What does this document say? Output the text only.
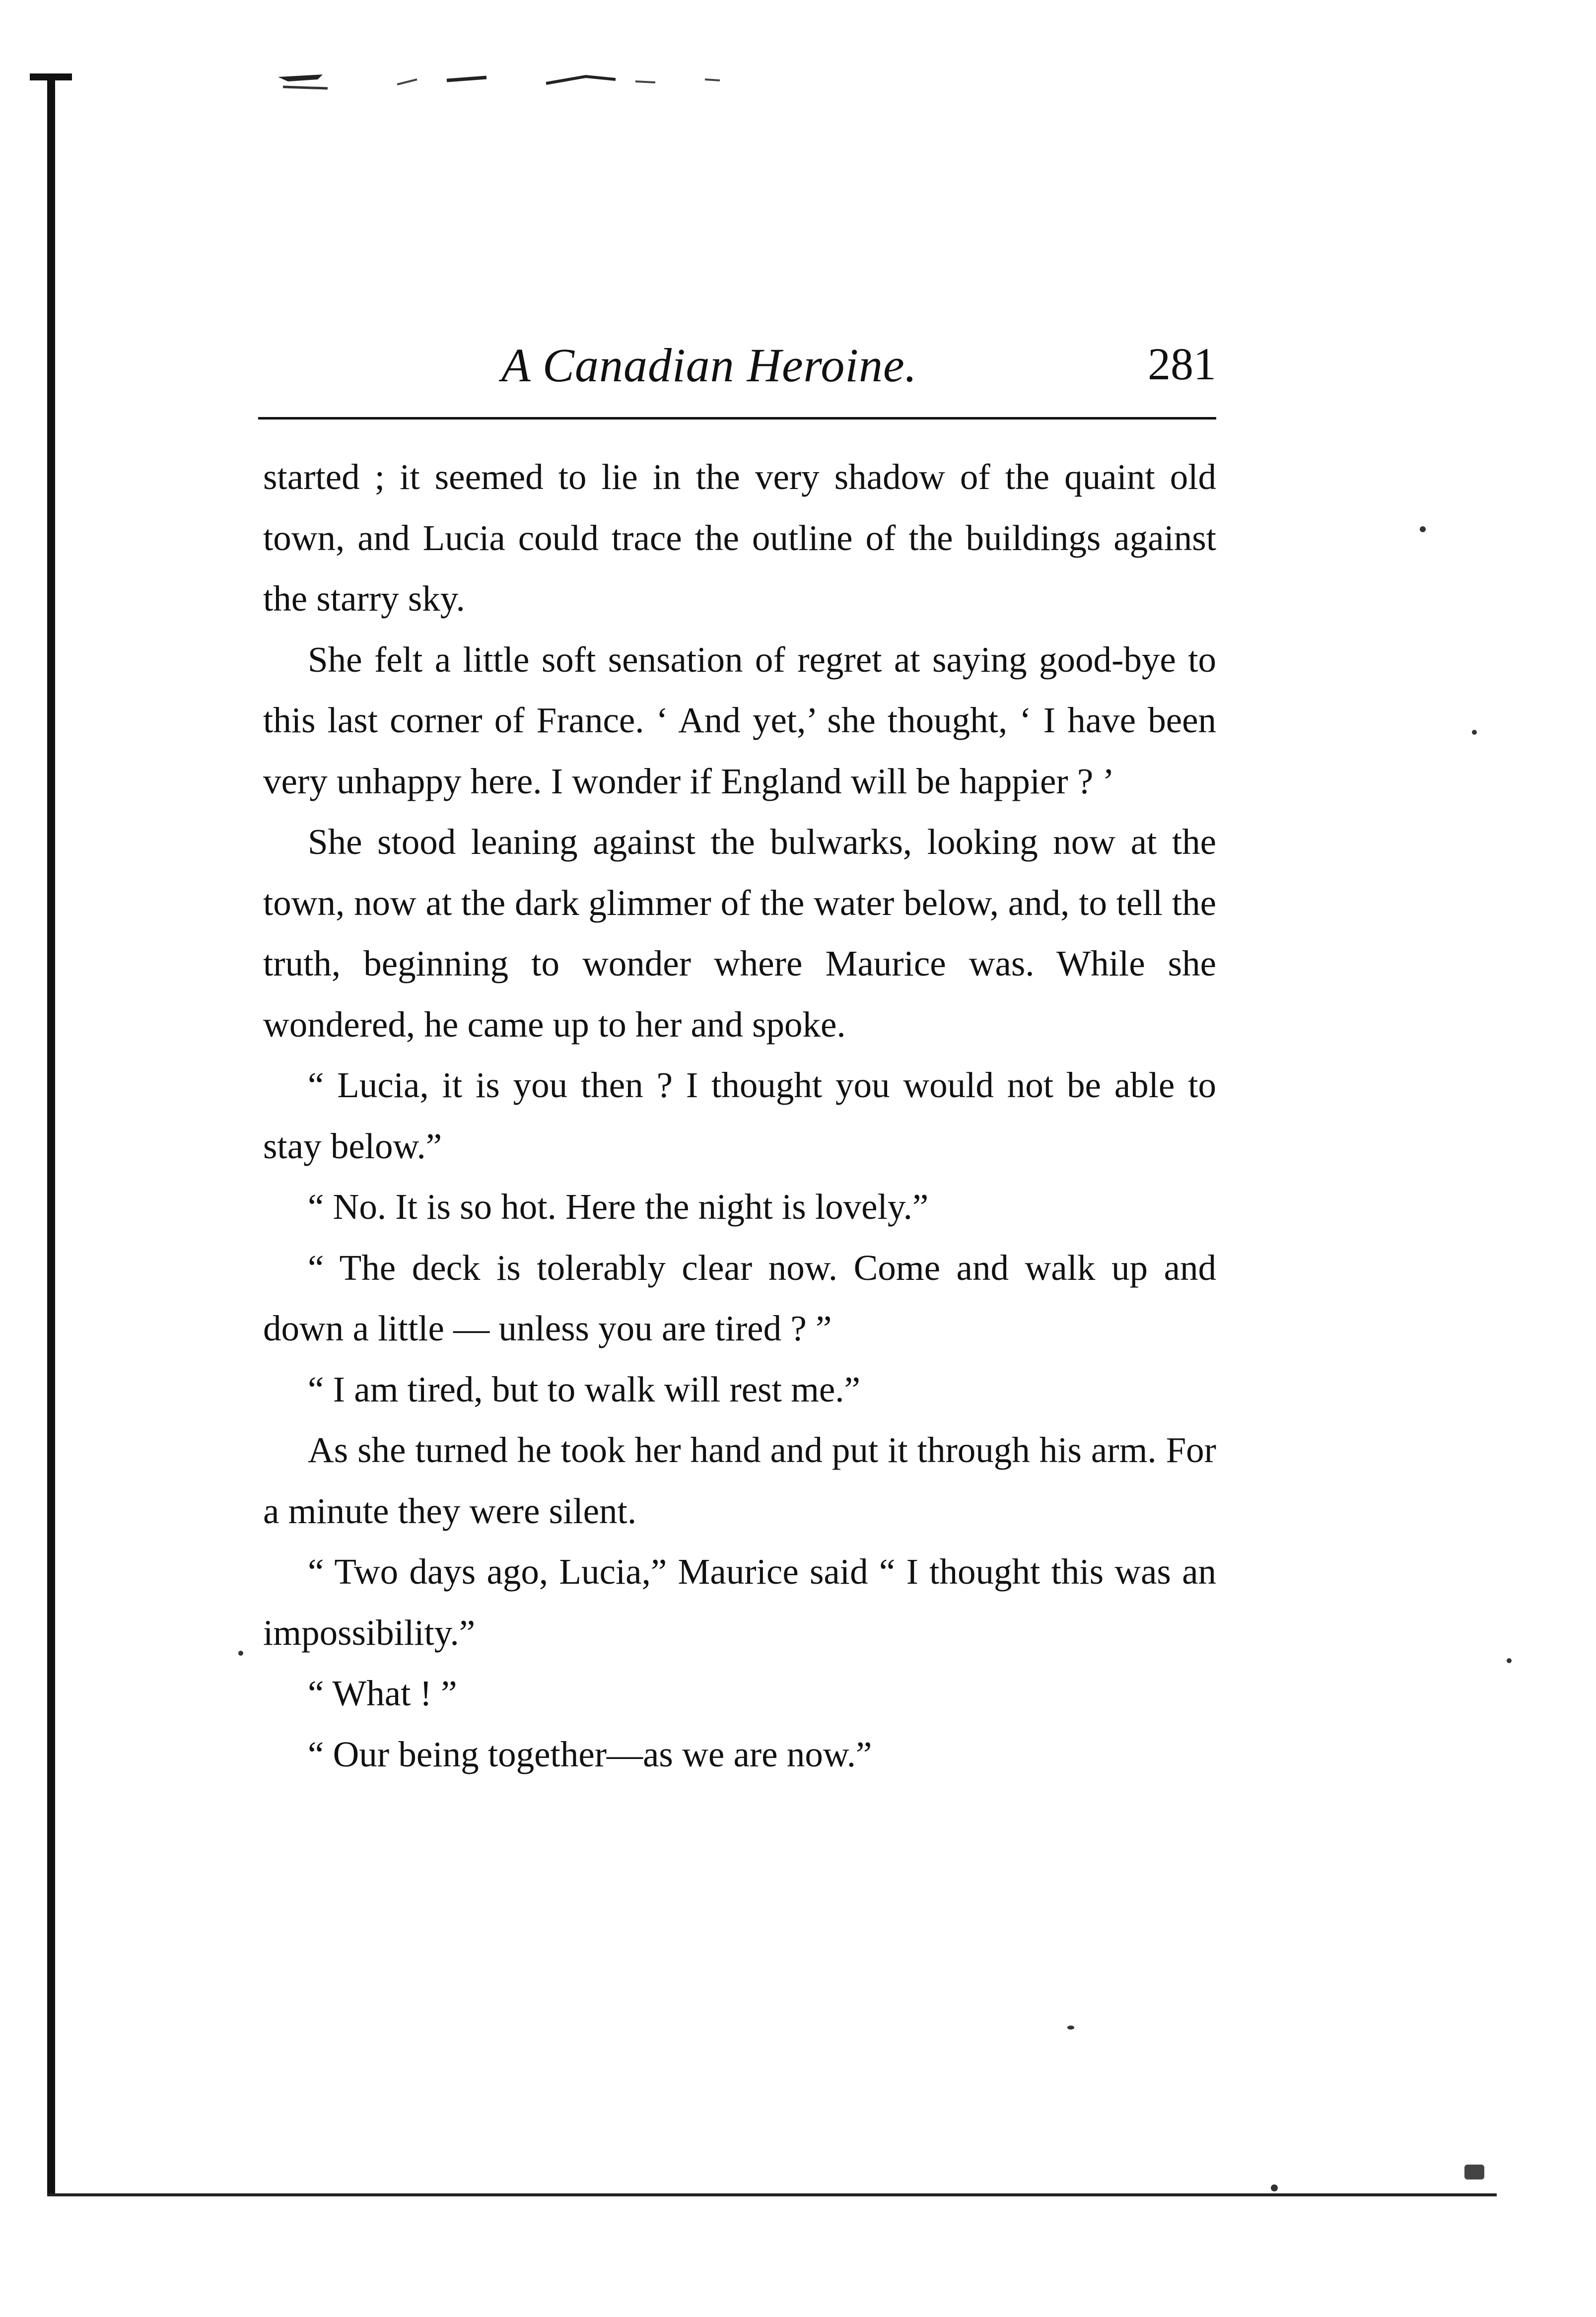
A Canadian Heroine.	281

started ; it seemed to lie in the very shadow of the quaint old town, and Lucia could trace the outline of the buildings against the starry sky.

She felt a little soft sensation of regret at saying good-bye to this last corner of France. ‘ And yet,’ she thought, ‘ I have been very unhappy here. I wonder if England will be happier ? ’

She stood leaning against the bulwarks, looking now at the town, now at the dark glimmer of the water below, and, to tell the truth, beginning to wonder where Maurice was. While she wondered, he came up to her and spoke.

“ Lucia, it is you then ? I thought you would not be able to stay below.”

“ No. It is so hot. Here the night is lovely.”

“ The deck is tolerably clear now. Come and walk up and down a little — unless you are tired ? ”

“ I am tired, but to walk will rest me.”

As she turned he took her hand and put it through his arm. For a minute they were silent.

“ Two days ago, Lucia,” Maurice said “ I thought this was an impossibility.”

“ What ! ”

“ Our being together—as we are now.”
